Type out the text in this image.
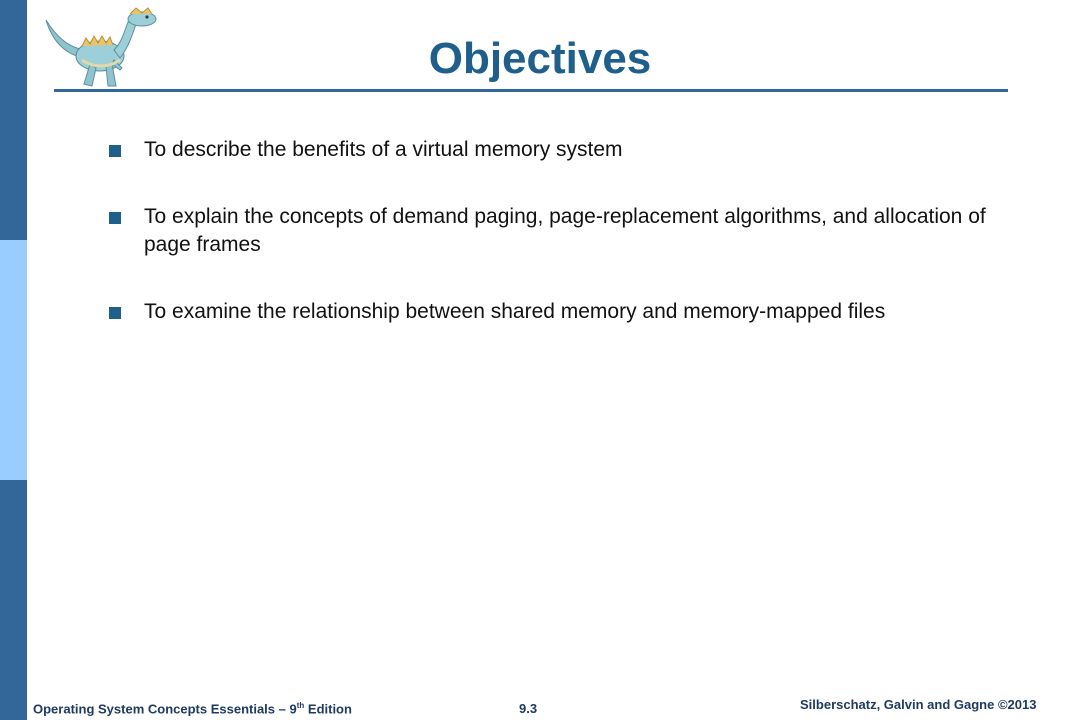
Objectives
To describe the benefits of a virtual memory system
To explain the concepts of demand paging, page-replacement algorithms, and allocation of page frames
To examine the relationship between shared memory and memory-mapped files
Operating System Concepts Essentials – 9th Edition	9.3	Silberschatz, Galvin and Gagne ©2013
